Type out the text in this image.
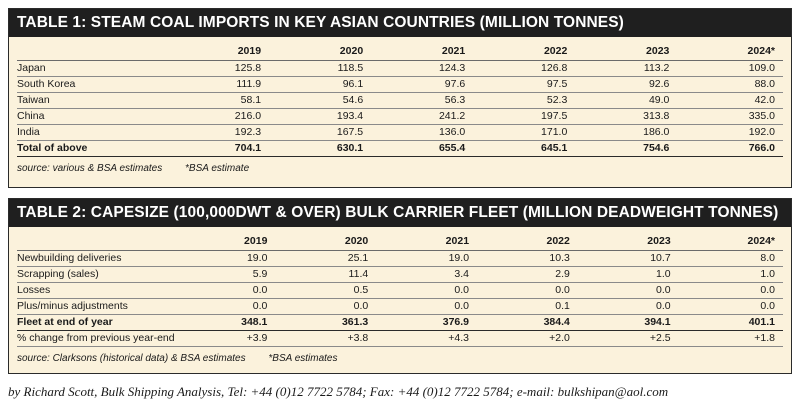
TABLE 1: STEAM COAL IMPORTS IN KEY ASIAN COUNTRIES (MILLION TONNES)
	2019	2020	2021	2022	2023	2024*
Japan	125.8	118.5	124.3	126.8	113.2	109.0
South Korea	111.9	96.1	97.6	97.5	92.6	88.0
Taiwan	58.1	54.6	56.3	52.3	49.0	42.0
China	216.0	193.4	241.2	197.5	313.8	335.0
India	192.3	167.5	136.0	171.0	186.0	192.0
Total of above	704.1	630.1	655.4	645.1	754.6	766.0
source: various & BSA estimates *BSA estimate
TABLE 2: CAPESIZE (100,000DWT & OVER) BULK CARRIER FLEET (MILLION DEADWEIGHT TONNES)
	2019	2020	2021	2022	2023	2024*
Newbuilding deliveries	19.0	25.1	19.0	10.3	10.7	8.0
Scrapping (sales)	5.9	11.4	3.4	2.9	1.0	1.0
Losses	0.0	0.5	0.0	0.0	0.0	0.0
Plus/minus adjustments	0.0	0.0	0.0	0.1	0.0	0.0
Fleet at end of year	348.1	361.3	376.9	384.4	394.1	401.1
% change from previous year-end	+3.9	+3.8	+4.3	+2.0	+2.5	+1.8
source: Clarksons (historical data) & BSA estimates *BSA estimates
by Richard Scott, Bulk Shipping Analysis, Tel: +44 (0)12 7722 5784; Fax: +44 (0)12 7722 5784; e-mail: bulkshipan@aol.com
